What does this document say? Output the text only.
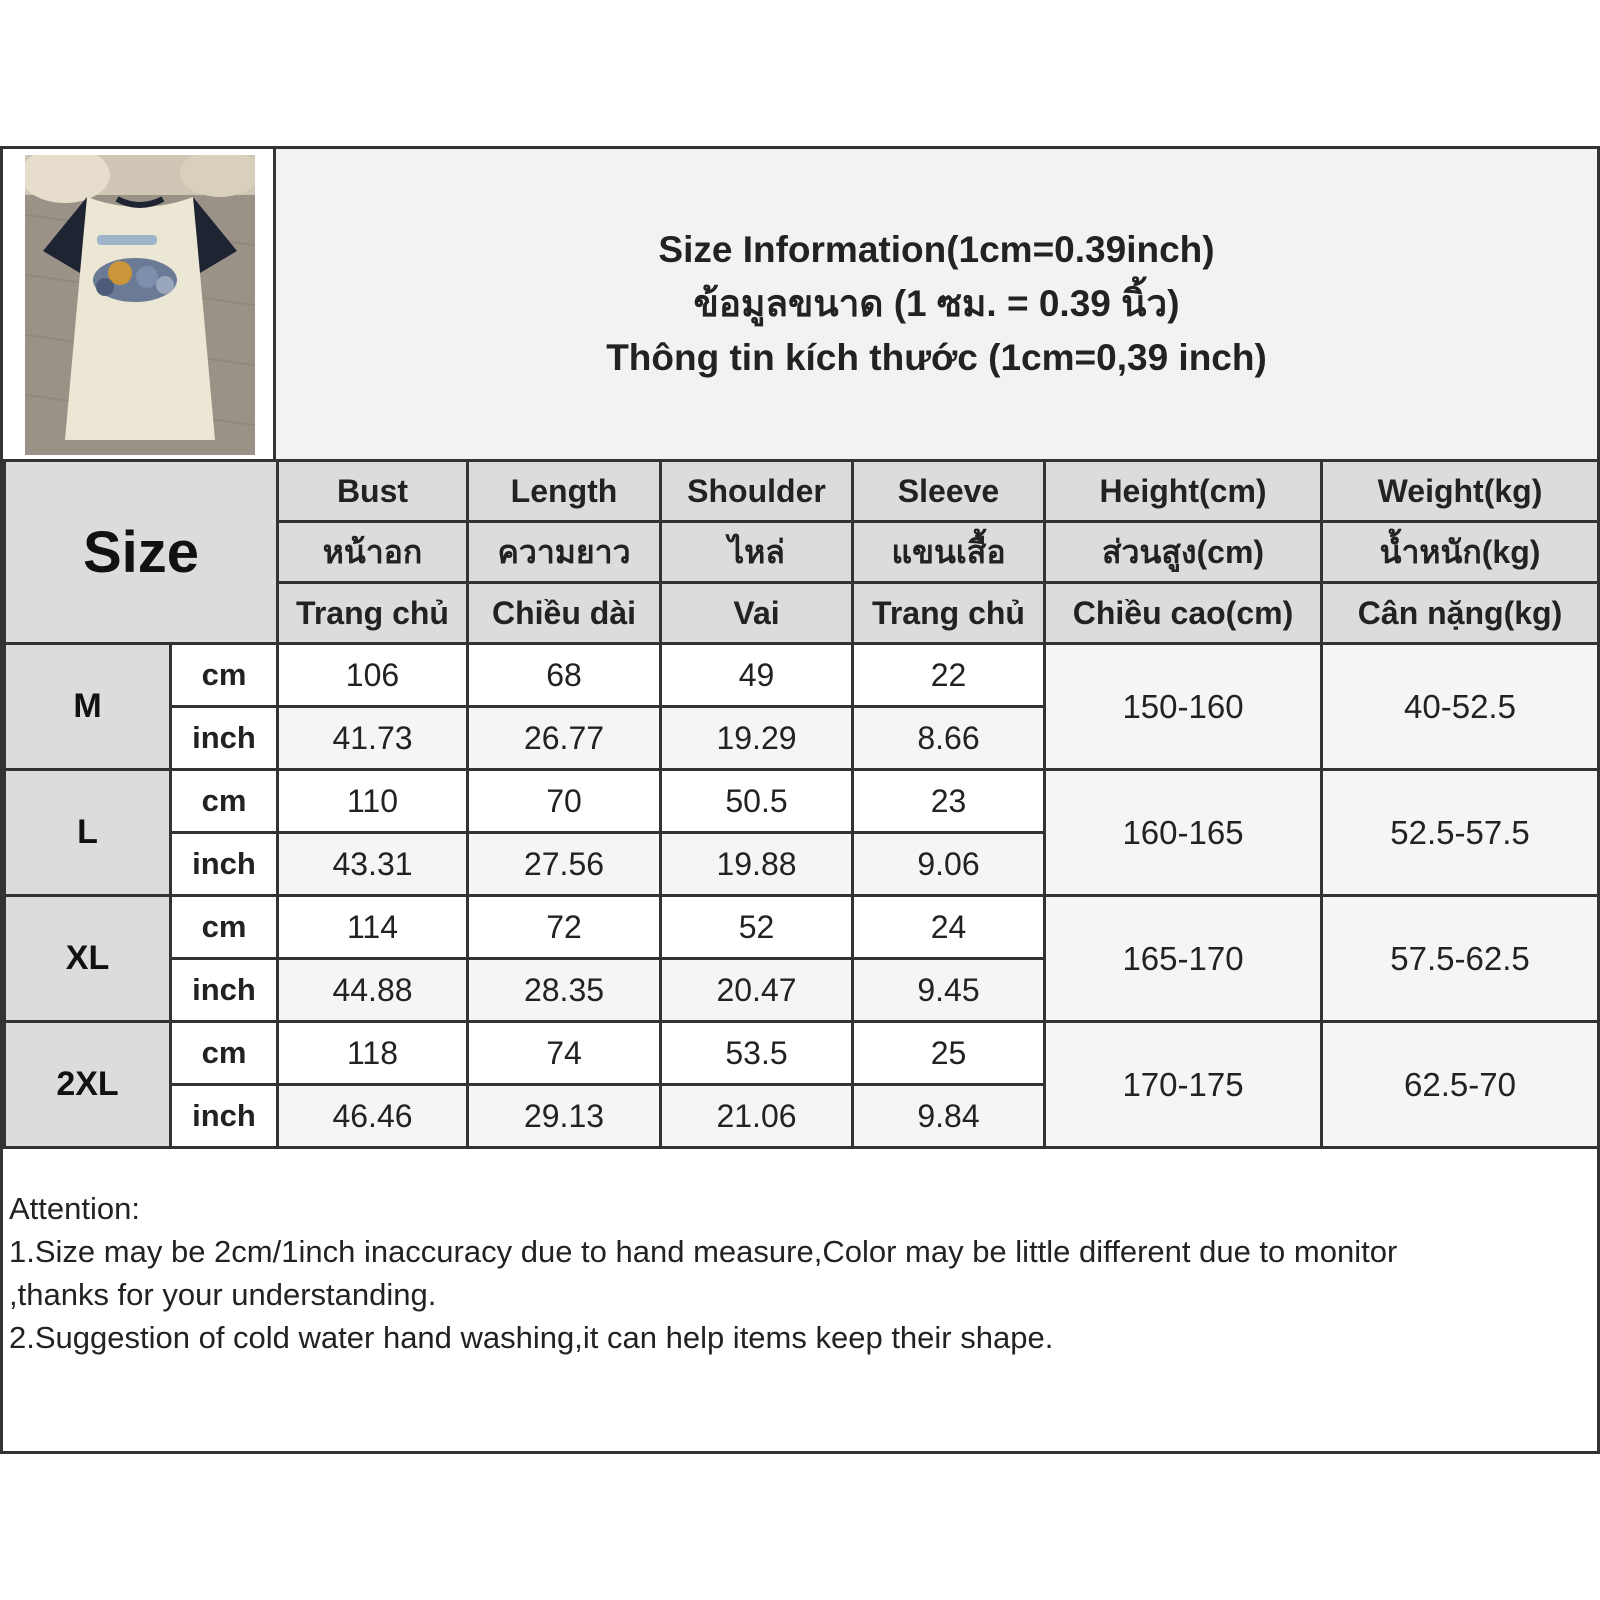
Size Information(1cm=0.39inch)
ข้อมูลขนาด (1 ซม. = 0.39 นิ้ว)
Thông tin kích thước (1cm=0,39 inch)
Size		Bust	Length	Shoulder	Sleeve	Height(cm)	Weight(kg)
		หน้าอก	ความยาว	ไหล่	แขนเสื้อ	ส่วนสูง(cm)	น้ำหนัก(kg)
		Trang chủ	Chiều dài	Vai	Trang chủ	Chiều cao(cm)	Cân nặng(kg)
M	cm	106	68	49	22	150-160	40-52.5
	inch	41.73	26.77	19.29	8.66		
L	cm	110	70	50.5	23	160-165	52.5-57.5
	inch	43.31	27.56	19.88	9.06		
XL	cm	114	72	52	24	165-170	57.5-62.5
	inch	44.88	28.35	20.47	9.45		
2XL	cm	118	74	53.5	25	170-175	62.5-70
	inch	46.46	29.13	21.06	9.84		
Attention:
1.Size may be 2cm/1inch inaccuracy due to hand measure,Color may be little different due to monitor
,thanks for your understanding.
2.Suggestion of cold water hand washing,it can help items keep their shape.
